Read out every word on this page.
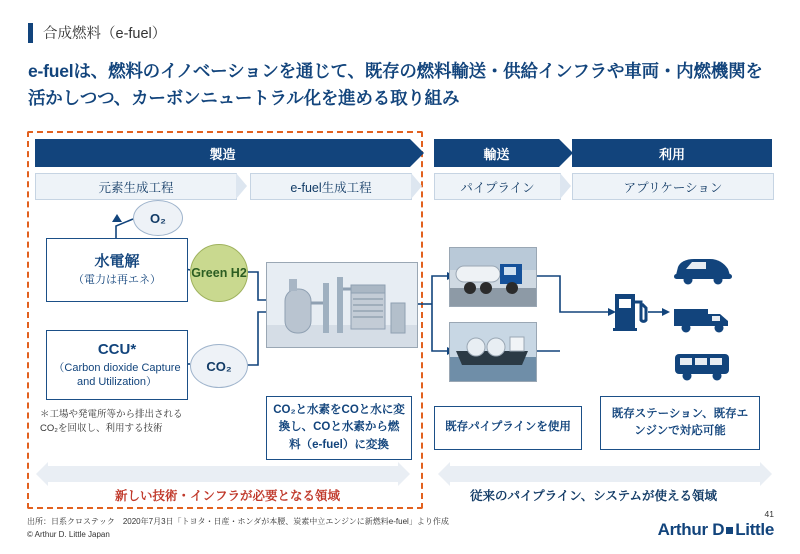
合成燃料（e-fuel）
e-fuelは、燃料のイノベーションを通じて、既存の燃料輸送・供給インフラや車両・内燃機関を活かしつつ、カーボンニュートラル化を進める取り組み
製造	輸送	利用
元素生成工程	e-fuel生成工程	パイプライン	アプリケーション
O₂
Green H2
CO₂
水電解
（電力は再エネ）
CCU*
（Carbon dioxide Capture and Utilization）
＊工場や発電所等から排出されるCO₂を回収し、利用する技術
CO₂と水素をCOと水に変換し、COと水素から燃料（e-fuel）に変換
既存パイプラインを使用
既存ステーション、既存エンジンで対応可能
新しい技術・インフラが必要となる領域	従来のパイプライン、システムが使える領域
出所：日系クロステック　2020年7月3日「トヨタ・日産・ホンダが本腰、炭素中立エンジンに新燃料e-fuel」より作成
© Arthur D. Little Japan
41
Arthur D Little
